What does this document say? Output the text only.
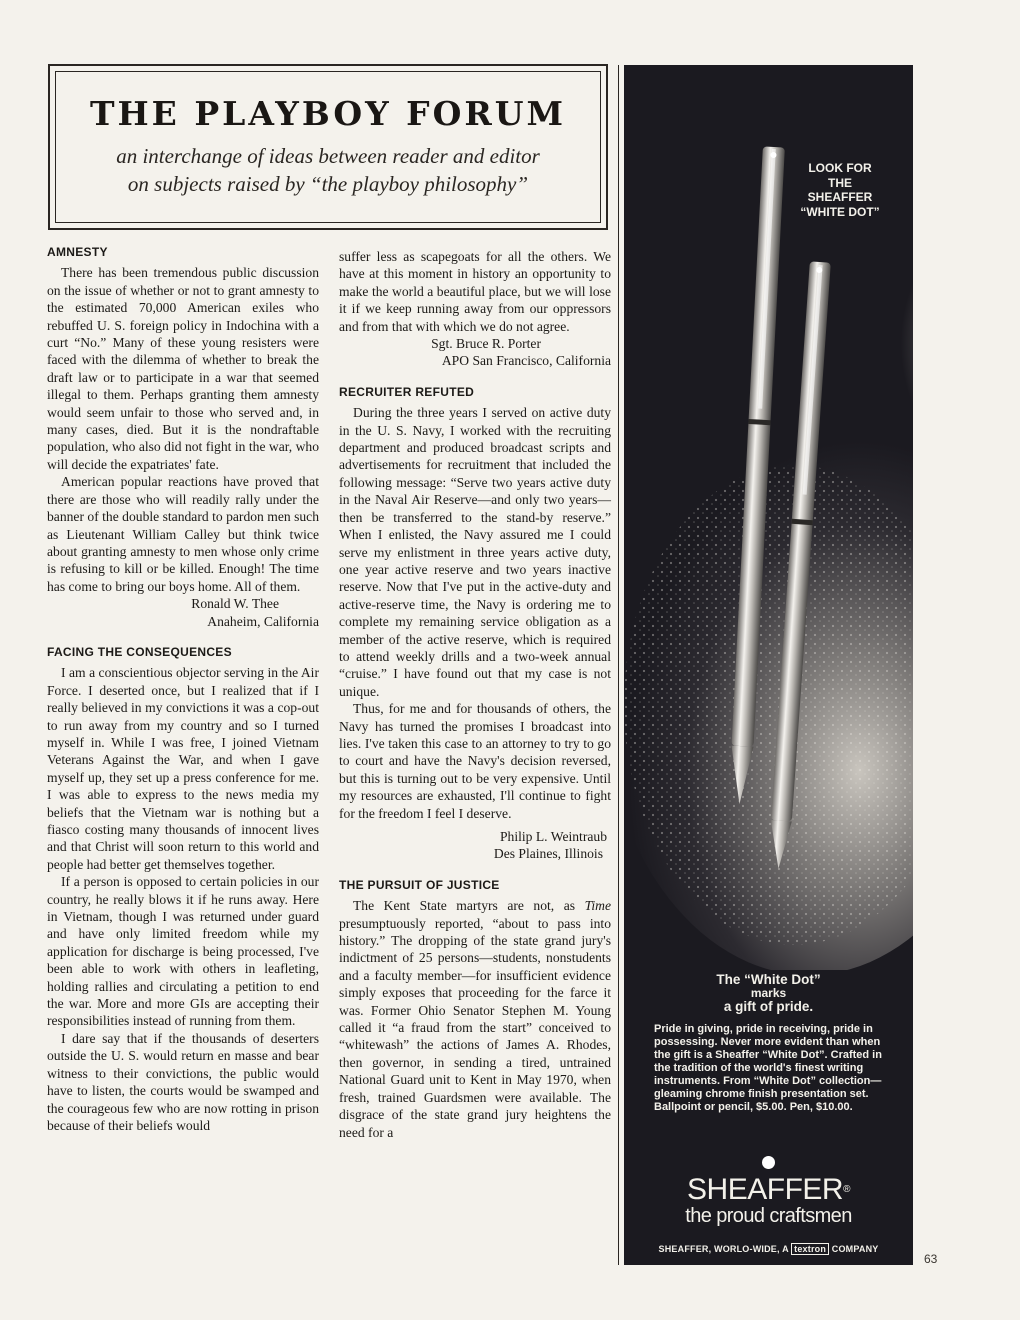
THE PLAYBOY FORUM
an interchange of ideas between reader and editor
on subjects raised by “the playboy philosophy”
AMNESTY

There has been tremendous public discussion on the issue of whether or not to grant amnesty to the estimated 70,000 American exiles who rebuffed U. S. foreign policy in Indochina with a curt “No.” Many of these young resisters were faced with the dilemma of whether to break the draft law or to participate in a war that seemed illegal to them. Perhaps granting them amnesty would seem unfair to those who served and, in many cases, died. But it is the nondraftable population, who also did not fight in the war, who will decide the expatriates' fate.

American popular reactions have proved that there are those who will readily rally under the banner of the double standard to pardon men such as Lieutenant William Calley but think twice about granting amnesty to men whose only crime is refusing to kill or be killed. Enough! The time has come to bring our boys home. All of them.

Ronald W. Thee

Anaheim, California

FACING THE CONSEQUENCES

I am a conscientious objector serving in the Air Force. I deserted once, but I realized that if I really believed in my convictions it was a cop-out to run away from my country and so I turned myself in. While I was free, I joined Vietnam Veterans Against the War, and when I gave myself up, they set up a press conference for me. I was able to express to the news media my beliefs that the Vietnam war is nothing but a fiasco costing many thousands of innocent lives and that Christ will soon return to this world and people had better get themselves together.

If a person is opposed to certain policies in our country, he really blows it if he runs away. Here in Vietnam, though I was returned under guard and have only limited freedom while my application for discharge is being processed, I've been able to work with others in leafleting, holding rallies and circulating a petition to end the war. More and more GIs are accepting their responsibilities instead of running from them.

I dare say that if the thousands of deserters outside the U. S. would return en masse and bear witness to their convictions, the public would have to listen, the courts would be swamped and the courageous few who are now rotting in prison because of their beliefs would

suffer less as scapegoats for all the others. We have at this moment in history an opportunity to make the world a beautiful place, but we will lose it if we keep running away from our oppressors and from that with which we do not agree.

Sgt. Bruce R. Porter

APO San Francisco, California

RECRUITER REFUTED

During the three years I served on active duty in the U. S. Navy, I worked with the recruiting department and produced broadcast scripts and advertisements for recruitment that included the following message: “Serve two years active duty in the Naval Air Reserve—and only two years—then be transferred to the stand-by reserve.” When I enlisted, the Navy assured me I could serve my enlistment in three years active duty, one year active reserve and two years inactive reserve. Now that I've put in the active-duty and active-reserve time, the Navy is ordering me to complete my remaining service obligation as a member of the active reserve, which is required to attend weekly drills and a two-week annual “cruise.” I have found out that my case is not unique.

Thus, for me and for thousands of others, the Navy has turned the promises I broadcast into lies. I've taken this case to an attorney to try to go to court and have the Navy's decision reversed, but this is turning out to be very expensive. Until my resources are exhausted, I'll continue to fight for the freedom I feel I deserve.

Philip L. Weintraub

Des Plaines, Illinois

THE PURSUIT OF JUSTICE

The Kent State martyrs are not, as Time presumptuously reported, “about to pass into history.” The dropping of the state grand jury's indictment of 25 persons—students, nonstudents and a faculty member—for insufficient evidence simply exposes that proceeding for the farce it was. Former Ohio Senator Stephen M. Young called it “a fraud from the start” conceived to “whitewash” the actions of James A. Rhodes, then governor, in sending a tired, untrained National Guard unit to Kent in May 1970, when fresh, trained Guardsmen were available. The disgrace of the state grand jury heightens the need for a

LOOK FOR
THE
SHEAFFER
“WHITE DOT”
The “White Dot”
marks
a gift of pride.
Pride in giving, pride in receiving, pride in possessing. Never more evident than when the gift is a Sheaffer “White Dot”. Crafted in the tradition of the world's finest writing instruments. From “White Dot” collection—gleaming chrome finish presentation set. Ballpoint or pencil, $5.00. Pen, $10.00.
SHEAFFER®
the proud craftsmen
SHEAFFER, WORLO-WIDE, A textron COMPANY
63
